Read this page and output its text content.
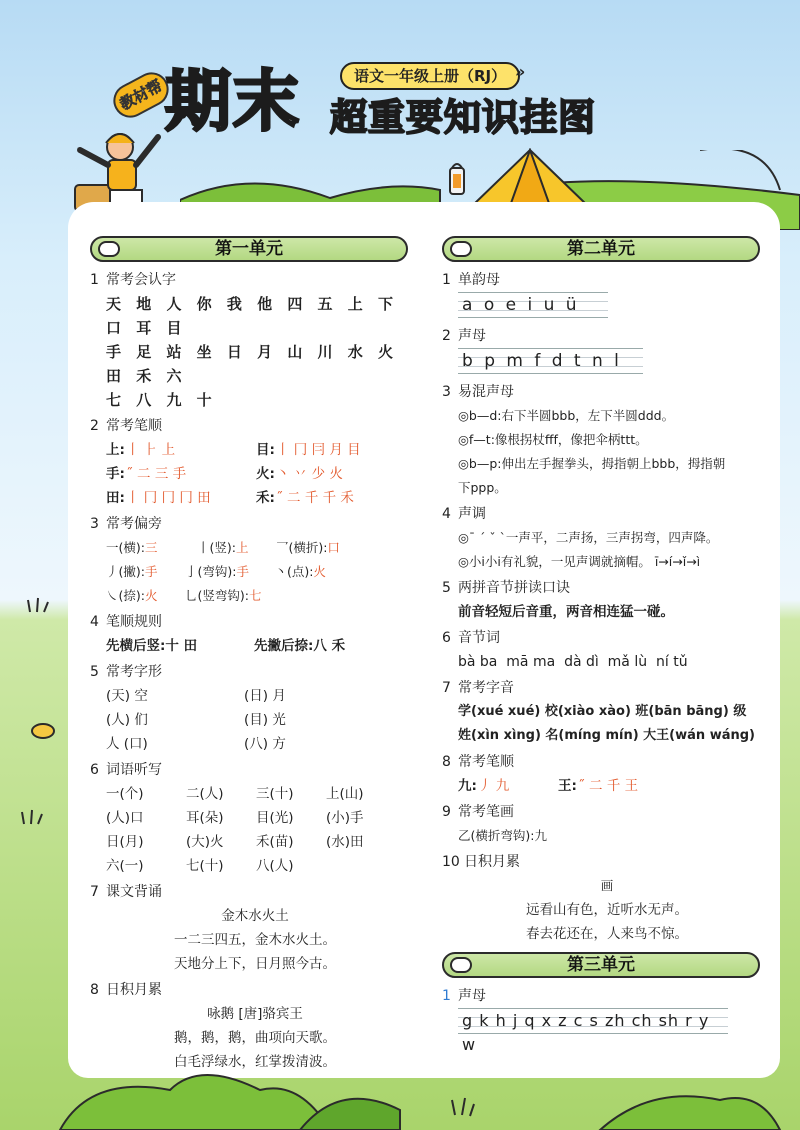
教材帮 期末	语文一年级上册（RJ） »
超重要知识挂图
第一单元
1 常考会认字
天 地 人 你 我 他 四 五 上 下 口 耳 目
手 足 站 坐 日 月 山 川 水 火 田 禾 六
七 八 九 十
2 常考笔顺
上: 丨 ⺊ 上	目: 丨 冂 冃 月 目
手: ˝ 二 三 手	火: 丶 丷 少 火
田: 丨 冂 冂 冂 田	禾: ˝ 二 千 千 禾
3 常考偏旁
一(横): 三	丨(竖): 上	乛(横折): 口
丿(撇): 手	亅(弯钩): 手	丶(点): 火
㇏(捺): 火	乚(竖弯钩): 七
4 笔顺规则
先横后竖:十 田	先撇后捺:八 禾
5 常考字形
(天) 空	(日) 月
(人) 们	(目) 光
人 (口)	(八) 方
6 词语听写
一(个)	二(人)	三(十)	上(山)
(人)口	耳(朵)	目(光)	(小)手
日(月)	(大)火	禾(苗)	(水)田
六(一)	七(十)	八(人)
7 课文背诵
金木水火土
一二三四五，金木水火土。
天地分上下，日月照今古。
8 日积月累
咏鹅 [唐]骆宾王
鹅，鹅，鹅，曲项向天歌。
白毛浮绿水，红掌拨清波。
第二单元
1 单韵母
a o e i u ü
2 声母
b p m f d t n l
3 易混声母
◎b—d:右下半圆bbb，左下半圆ddd。
◎f—t:像根拐杖fff，像把伞柄ttt。
◎b—p:伸出左手握拳头，拇指朝上bbb，拇指朝
下ppp。
4 声调
◎ˉ ˊ ˇ ˋ一声平，二声扬，三声拐弯，四声降。
◎小i小i有礼貌，一见声调就摘帽。 ī→í→ǐ→ì
5 两拼音节拼读口诀
前音轻短后音重，两音相连猛一碰。
6 音节词
bà ba  mā ma  dà dì  mǎ lù  ní tǔ
7 常考字音
学(xué xué) 校(xiào xào) 班(bān bāng) 级
姓(xìn xìng) 名(míng mín) 大王(wán wáng)
8 常考笔顺
九: 丿 九	王: ˝ 二 千 王
9 常考笔画
乙(横折弯钩):九
10 日积月累
画
远看山有色，近听水无声。
春去花还在，人来鸟不惊。
第三单元
1 声母
g k h j q x z c s zh ch sh r y w
